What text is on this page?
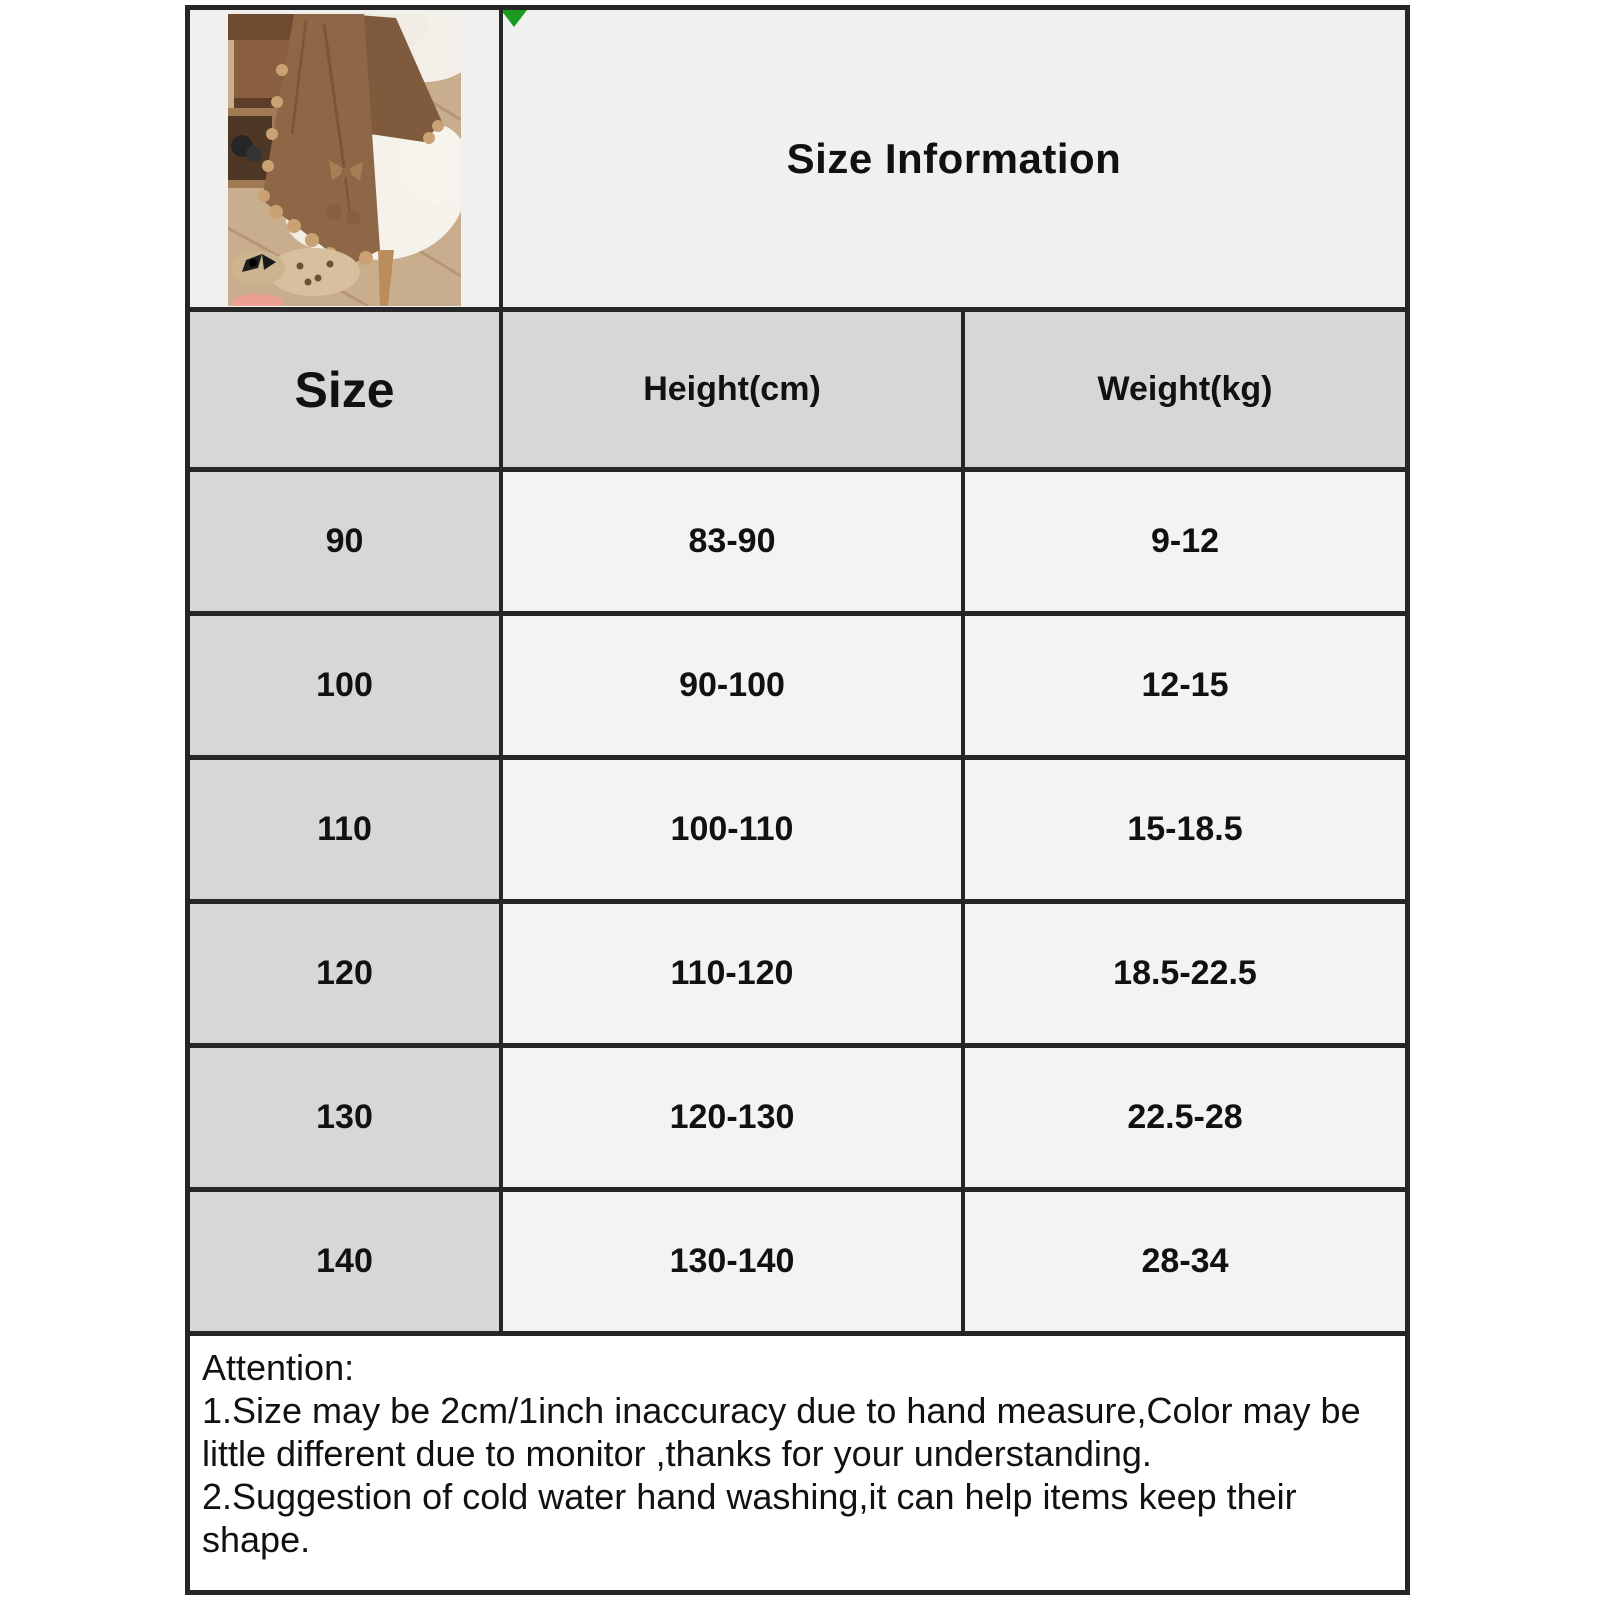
Size Information
Size	Height(cm)	Weight(kg)
90	83-90	9-12
100	90-100	12-15
110	100-110	15-18.5
120	110-120	18.5-22.5
130	120-130	22.5-28
140	130-140	28-34
Attention:
1.Size may be 2cm/1inch inaccuracy due to hand measure,Color may be little different due to monitor ,thanks for your understanding.
2.Suggestion of cold water hand washing,it can help items keep their shape.
